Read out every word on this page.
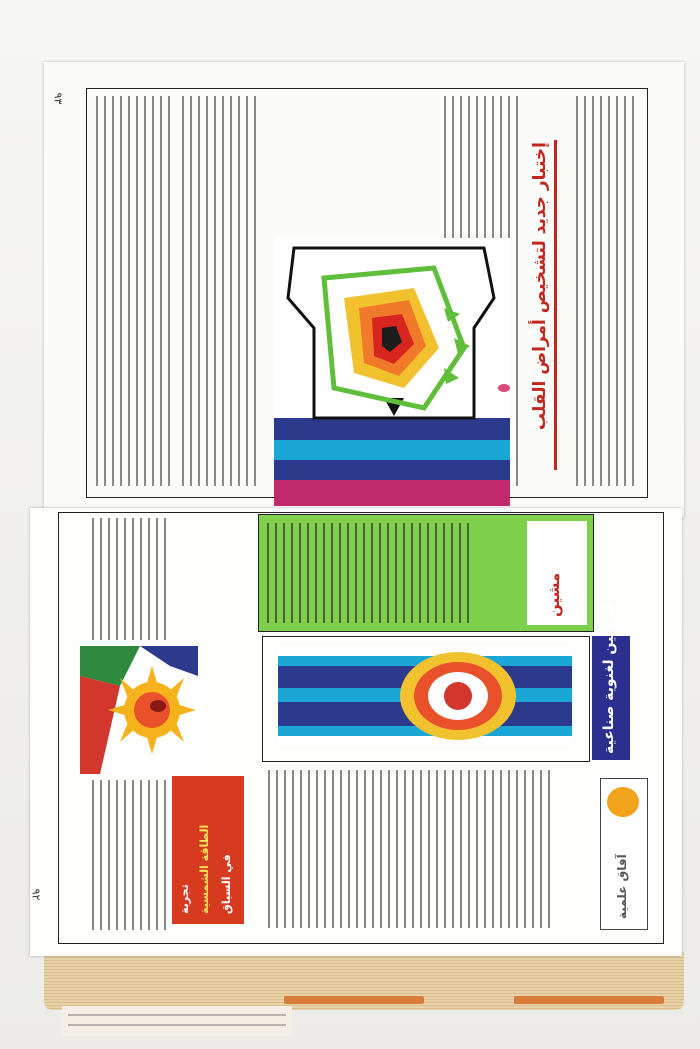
٩٣
إختبار جديد لتشخيص أمراض القلب
٩٢	تجربة الطاقة الشمسية في السباق
مشين
الرّوتين لغنوية صناعية
آفاق علمية
